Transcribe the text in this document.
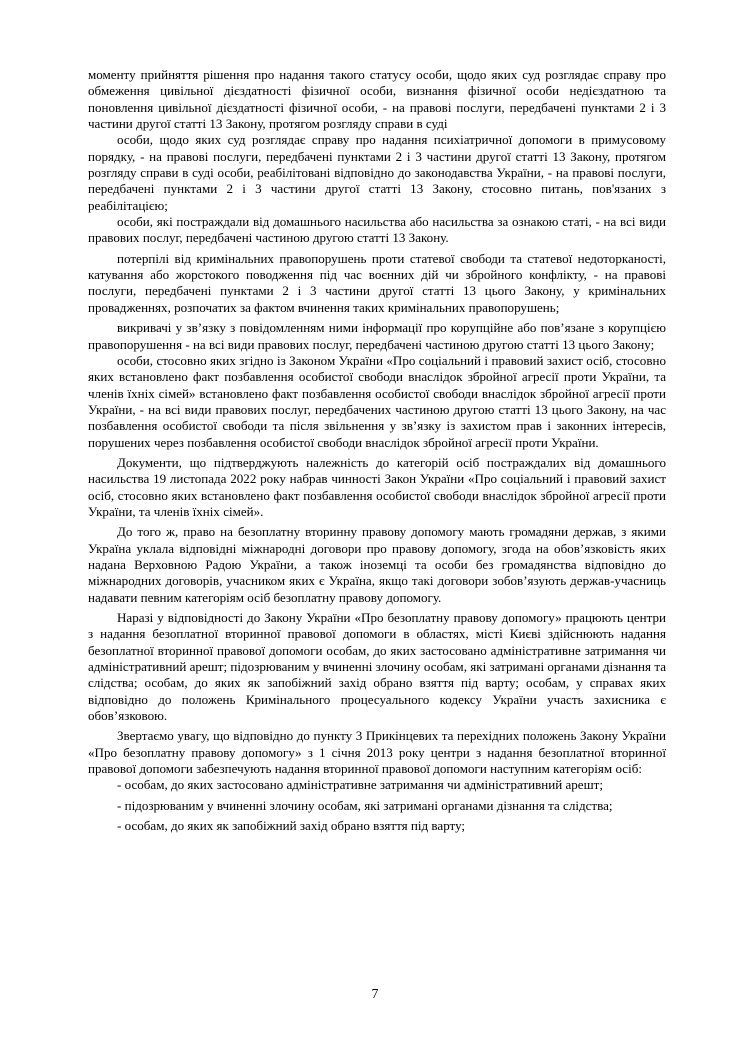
моменту прийняття рішення про надання такого статусу особи, щодо яких суд розглядає справу про обмеження цивільної дієздатності фізичної особи, визнання фізичної особи недієздатною та поновлення цивільної дієздатності фізичної особи, - на правові послуги, передбачені пунктами 2 і 3 частини другої статті 13 Закону, протягом розгляду справи в суді

особи, щодо яких суд розглядає справу про надання психіатричної допомоги в примусовому порядку, - на правові послуги, передбачені пунктами 2 і 3 частини другої статті 13 Закону, протягом розгляду справи в суді особи, реабілітовані відповідно до законодавства України, - на правові послуги, передбачені пунктами 2 і 3 частини другої статті 13 Закону, стосовно питань, пов'язаних з реабілітацією;

особи, які постраждали від домашнього насильства або насильства за ознакою статі, - на всі види правових послуг, передбачені частиною другою статті 13 Закону.

потерпілі від кримінальних правопорушень проти статевої свободи та статевої недоторканості, катування або жорстокого поводження під час воєнних дій чи збройного конфлікту, - на правові послуги, передбачені пунктами 2 і 3 частини другої статті 13 цього Закону, у кримінальних провадженнях, розпочатих за фактом вчинення таких кримінальних правопорушень;

викривачі у зв’язку з повідомленням ними інформації про корупційне або пов’язане з корупцією правопорушення - на всі види правових послуг, передбачені частиною другою статті 13 цього Закону;

особи, стосовно яких згідно із Законом України «Про соціальний і правовий захист осіб, стосовно яких встановлено факт позбавлення особистої свободи внаслідок збройної агресії проти України, та членів їхніх сімей» встановлено факт позбавлення особистої свободи внаслідок збройної агресії проти України, - на всі види правових послуг, передбачених частиною другою статті 13 цього Закону, на час позбавлення особистої свободи та після звільнення у зв’язку із захистом прав і законних інтересів, порушених через позбавлення особистої свободи внаслідок збройної агресії проти України.

Документи, що підтверджують належність до категорій осіб постраждалих від домашнього насильства 19 листопада 2022 року набрав чинності Закон України «Про соціальний і правовий захист осіб, стосовно яких встановлено факт позбавлення особистої свободи внаслідок збройної агресії проти України, та членів їхніх сімей».

До того ж, право на безоплатну вторинну правову допомогу мають громадяни держав, з якими Україна уклала відповідні міжнародні договори про правову допомогу, згода на обов’язковість яких надана Верховною Радою України, а також іноземці та особи без громадянства відповідно до міжнародних договорів, учасником яких є Україна, якщо такі договори зобов’язують держав-учасниць надавати певним категоріям осіб безоплатну правову допомогу.

Наразі у відповідності до Закону України «Про безоплатну правову допомогу» працюють центри з надання безоплатної вторинної правової допомоги в областях, місті Києві здійснюють надання безоплатної вторинної правової допомоги особам, до яких застосовано адміністративне затримання чи адміністративний арешт; підозрюваним у вчиненні злочину особам, які затримані органами дізнання та слідства; особам, до яких як запобіжний захід обрано взяття під варту; особам, у справах яких відповідно до положень Кримінального процесуального кодексу України участь захисника є обов’язковою.

Звертаємо увагу, що відповідно до пункту 3 Прикінцевих та перехідних положень Закону України «Про безоплатну правову допомогу» з 1 січня 2013 року центри з надання безоплатної вторинної правової допомоги забезпечують надання вторинної правової допомоги наступним категоріям осіб:

- особам, до яких застосовано адміністративне затримання чи адміністративний арешт;

- підозрюваним у вчиненні злочину особам, які затримані органами дізнання та слідства;

- особам, до яких як запобіжний захід обрано взяття під варту;

7
